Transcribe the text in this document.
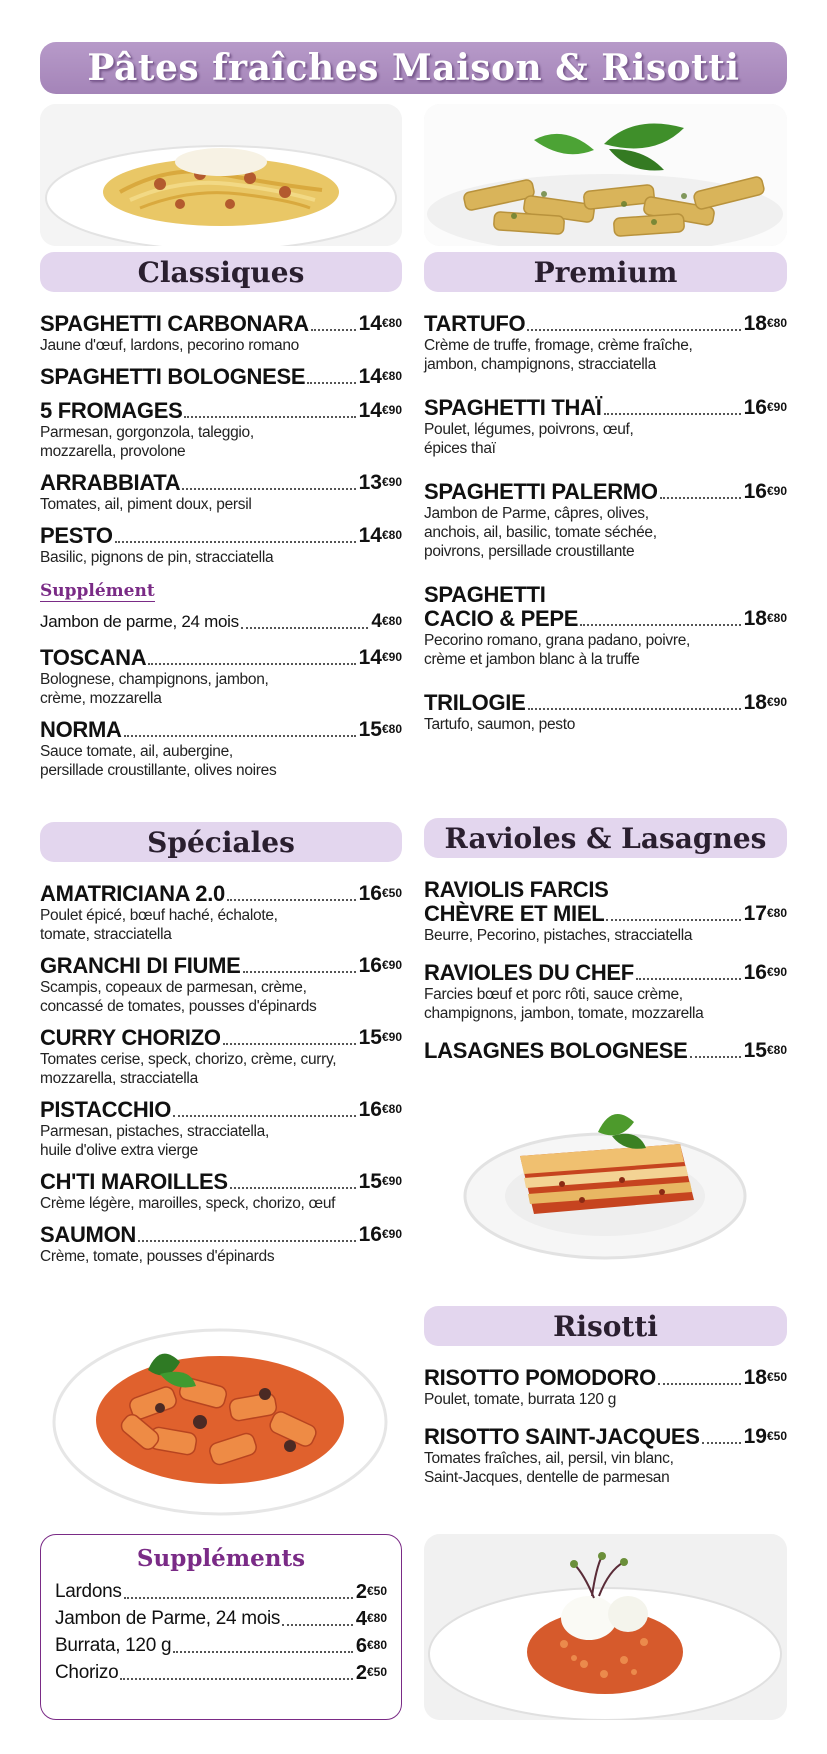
Pâtes fraîches Maison & Risotti
Classiques
SPAGHETTI CARBONARA $14^{€80}$
Jaune d'œuf, lardons, pecorino romano
SPAGHETTI BOLOGNESE	$14^{€80}$
5 FROMAGES	$14^{€90}$
Parmesan, gorgonzola, taleggio, mozzarella, provolone
ARRABBIATA	$13^{€90}$
Tomates, ail, piment doux, persil
PESTO	$14^{€80}$
Basilic, pignons de pin, stracciatella
Supplément
Jambon de parme, 24 mois	$4^{€80}$
TOSCANA	$14^{€90}$
Bolognese, champignons, jambon, crème, mozzarella
NORMA	$15^{€80}$
Sauce tomate, ail, aubergine, persillade croustillante, olives noires
Spéciales
AMATRICIANA 2.0	$16^{€50}$
Poulet épicé, bœuf haché, échalote, tomate, stracciatella
GRANCHI DI FIUME	$16^{€90}$
Scampis, copeaux de parmesan, crème, concassé de tomates, pousses d'épinards
CURRY CHORIZO	$15^{€90}$
Tomates cerise, speck, chorizo, crème, curry, mozzarella, stracciatella
PISTACCHIO	$16^{€80}$
Parmesan, pistaches, stracciatella, huile d'olive extra vierge
CH'TI MAROILLES	$15^{€90}$
Crème légère, maroilles, speck, chorizo, œuf
SAUMON	$16^{€90}$
Crème, tomate, pousses d'épinards
Suppléments
Lardons	$2^{€50}$
Jambon de Parme, 24 mois	$4^{€80}$
Burrata, 120 g	$6^{€80}$
Chorizo	$2^{€50}$
Premium
TARTUFO	$18^{€80}$
Crème de truffe, fromage, crème fraîche, jambon, champignons, stracciatella
SPAGHETTI THAÏ	$16^{€90}$
Poulet, légumes, poivrons, œuf, épices thaï
SPAGHETTI PALERMO	$16^{€90}$
Jambon de Parme, câpres, olives, anchois, ail, basilic, tomate séchée, poivrons, persillade croustillante
SPAGHETTI
CACIO & PEPE	$18^{€80}$
Pecorino romano, grana padano, poivre, crème et jambon blanc à la truffe
TRILOGIE	$18^{€90}$
Tartufo, saumon, pesto
Ravioles & Lasagnes
RAVIOLIS FARCIS
CHÈVRE ET MIEL	$17^{€80}$
Beurre, Pecorino, pistaches, stracciatella
RAVIOLES DU CHEF	$16^{€90}$
Farcies bœuf et porc rôti, sauce crème, champignons, jambon, tomate, mozzarella
LASAGNES BOLOGNESE	$15^{€80}$
Risotti
RISOTTO POMODORO	$18^{€50}$
Poulet, tomate, burrata 120 g
RISOTTO SAINT-JACQUES $19^{€50}$
Tomates fraîches, ail, persil, vin blanc, Saint-Jacques, dentelle de parmesan
